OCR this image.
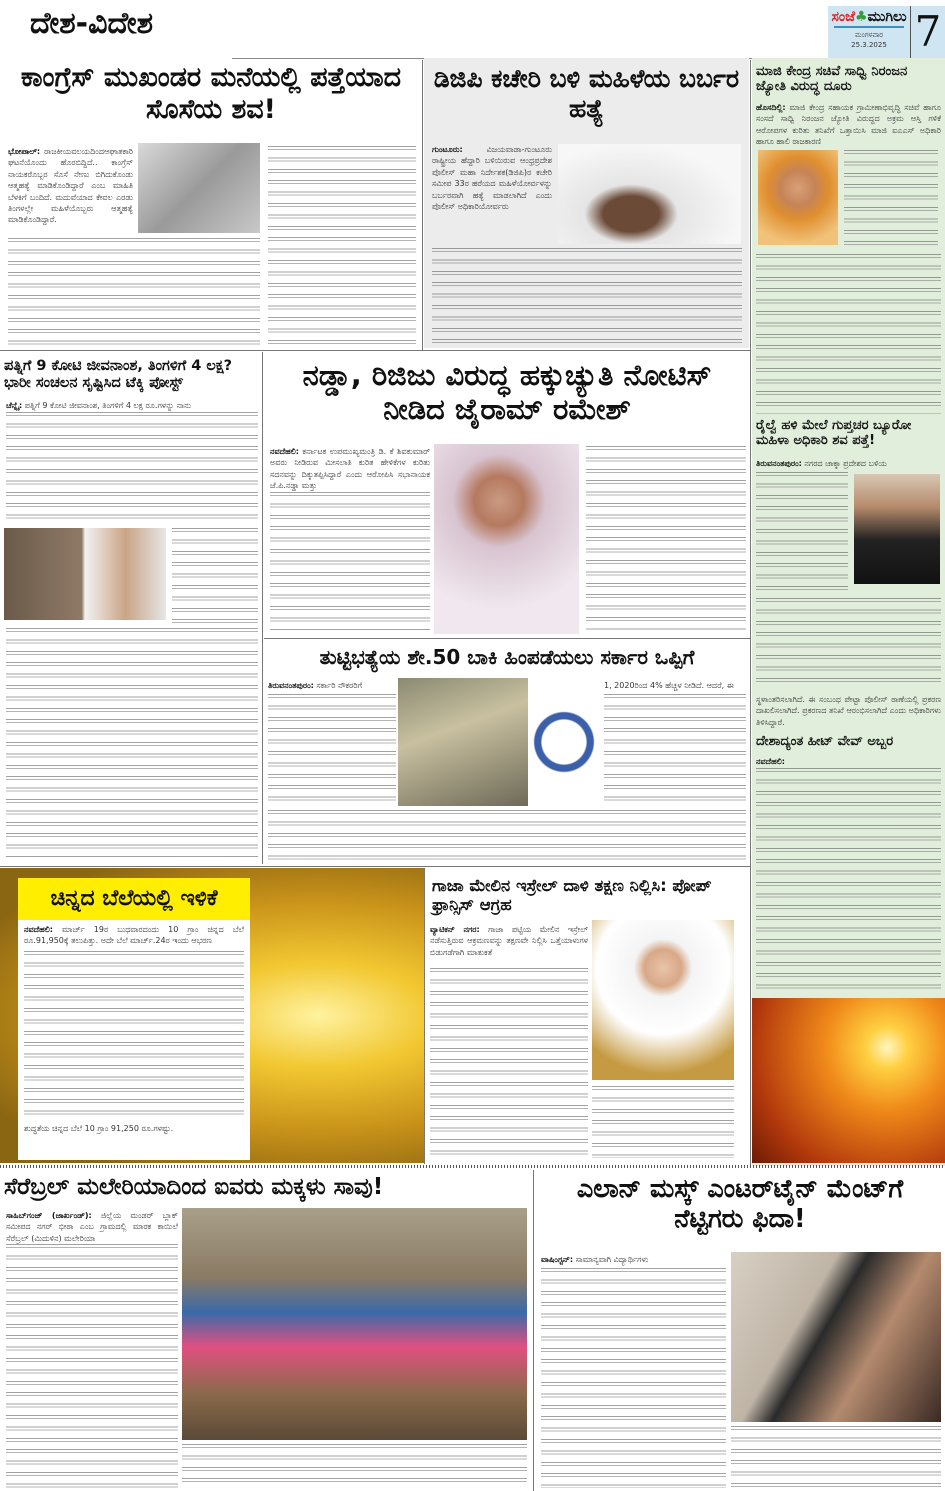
ದೇಶ-ವಿದೇಶ	ಸಂಜೆ♣ಮುಗಿಲು
ಮಂಗಳವಾರ
25.3.2025 7
ಕಾಂಗ್ರೆಸ್ ಮುಖಂಡರ ಮನೆಯಲ್ಲಿ ಪತ್ತೆಯಾದ ಸೊಸೆಯ ಶವ!
ಭೋಪಾಲ್: ರಾಜಕೀಯವಲಯದಿಂದಆಘಾತಕಾರಿ ಘಟನೆಯೊಂದು ಹೊರಬಿದ್ದಿದೆ.. ಕಾಂಗ್ರೆಸ್ ನಾಯಕರೊಬ್ಬರ ಸೊಸೆ ನೇಣು ಬಿಗಿದುಕೊಂಡು ಆತ್ಮಹತ್ಯೆ ಮಾಡಿಕೊಂಡಿದ್ದಾರೆ ಎಂಬ ಮಾಹಿತಿ ಬೆಳಕಿಗೆ ಬಂದಿದೆ. ಮದುವೆಯಾದ ಕೇವಲ ಎರಡು ತಿಂಗಳಲ್ಲೇ ಮಹಿಳೆಯೊಬ್ಬರು ಆತ್ಮಹತ್ಯೆ ಮಾಡಿಕೊಂಡಿದ್ದಾರೆ.
ಡಿಜಿಪಿ ಕಚೇರಿ ಬಳಿ ಮಹಿಳೆಯ ಬರ್ಬರ ಹತ್ಯೆ
ಗುಂಟೂರು:	ವಿಜಯವಾಡಾ-ಗುಂಟೂರು ರಾಷ್ಟ್ರೀಯ ಹೆದ್ದಾರಿ ಬಳಿಯಿರುವ ಆಂಧ್ರಪ್ರದೇಶ ಪೊಲೀಸ್ ಮಹಾ ನಿರ್ದೇಶಕ(ಡಿಜಿಪಿ)ರ ಕಚೇರಿ ಸಮೀಪ 33ರ ಹರೆಯದ ಮಹಿಳೆಯೋರ್ವಳನ್ನು ಬರ್ಬರವಾಗಿ ಹತ್ಯೆ ಮಾಡಲಾಗಿದೆ ಎಂದು ಪೊಲೀಸ್ ಅಧಿಕಾರಿಯೋರ್ವರು
ಮಾಜಿ ಕೇಂದ್ರ ಸಚಿವೆ ಸಾಧ್ವಿ ನಿರಂಜನ ಜ್ಯೋತಿ ವಿರುದ್ಧ ದೂರು
ಹೊಸದಿಲ್ಲಿ: ಮಾಜಿ ಕೇಂದ್ರ ಸಹಾಯಕ ಗ್ರಾಮೀಣಾಭಿವೃದ್ಧಿ ಸಚಿವೆ ಹಾಗೂ ಸಂಸದೆ ಸಾಧ್ವಿ ನಿರಂಜನ ಜ್ಯೋತಿ ವಿರುದ್ಧದ ಅಕ್ರಮ ಆಸ್ತಿ ಗಳಿಕೆ ಆರೋಪಗಳ ಕುರಿತು ತನಿಖೆಗೆ ಒತ್ತಾಯಿಸಿ ಮಾಜಿ ಐಎಎಸ್ ಅಧಿಕಾರಿ ಹಾಗೂ ಹಾಲಿ ರಾಜಕಾರಣಿ
ರೈಲ್ವೆ ಹಳಿ ಮೇಲೆ ಗುಪ್ತಚರ ಬ್ಯೂರೋ ಮಹಿಳಾ ಅಧಿಕಾರಿ ಶವ ಪತ್ತೆ!
ತಿರುವನಂತಪುರಂ: ನಗರದ ಚಾಕ್ಕಾ ಪ್ರದೇಶದ ಬಳಿಯ
ಸ್ಥಳಾಂತರಿಸಲಾಗಿದೆ. ಈ ಸಂಬಂಧ ಪೇಟ್ಟಾ ಪೊಲೀಸ್ ಠಾಣೆಯಲ್ಲಿ ಪ್ರಕರಣ ದಾಖಲಿಸಲಾಗಿದೆ. ಪ್ರಕರಣದ ತನಿಖೆ ಆರಂಭಿಸಲಾಗಿದೆ ಎಂದು ಅಧಿಕಾರಿಗಳು ತಿಳಿಸಿದ್ದಾರೆ.
ದೇಶಾದ್ಯಂತ ಹೀಟ್ ವೇವ್ ಅಬ್ಬರ
ನವದೆಹಲಿ:
ಪತ್ನಿಗೆ 9 ಕೋಟಿ ಜೀವನಾಂಶ, ತಿಂಗಳಿಗೆ 4 ಲಕ್ಷ? ಭಾರೀ ಸಂಚಲನ ಸೃಷ್ಟಿಸಿದ ಟೆಕ್ಕಿ ಪೋಸ್ಟ್
ಚೆನ್ನೈ: ಪತ್ನಿಗೆ 9 ಕೋಟಿ ಜೀವನಾಂಶ, ತಿಂಗಳಿಗೆ 4 ಲಕ್ಷ ರೂ.ಗಳನ್ನು ನಾನು
ನಡ್ಡಾ, ರಿಜಿಜು ವಿರುದ್ಧ ಹಕ್ಕುಚ್ಯುತಿ ನೋಟಿಸ್ ನೀಡಿದ ಜೈರಾಮ್ ರಮೇಶ್
ನವದೆಹಲಿ: ಕರ್ನಾಟಕ ಉಪಮುಖ್ಯಮಂತ್ರಿ ಡಿ. ಕೆ ಶಿವಕುಮಾರ್ ಅವರು ನೀಡಿರುವ ಮೀಸಲಾತಿ ಕುರಿತ ಹೇಳಿಕೆಗಳ ಕುರಿತು ಸದನವನ್ನು ದಿಕ್ಕುತಪ್ಪಿಸಿದ್ದಾರೆ ಎಂದು ಆರೋಪಿಸಿ ಸಭಾನಾಯಕ ಜೆ.ಪಿ.ನಡ್ಡಾ ಮತ್ತು
ತುಟ್ಟಿಭತ್ಯೆಯ ಶೇ.50 ಬಾಕಿ ಹಿಂಪಡೆಯಲು ಸರ್ಕಾರ ಒಪ್ಪಿಗೆ
ತಿರುವನಂತಪುರಂ: ಸರ್ಕಾರಿ ನೌಕರರಿಗೆ	1, 2020ರಿಂದ 4% ಹೆಚ್ಚಳ ನೀಡಿದೆ. ಆದರೆ, ಈ
ಚಿನ್ನದ ಬೆಲೆಯಲ್ಲಿ ಇಳಿಕೆ
ನವದೆಹಲಿ: ಮಾರ್ಚ್ 19ರ ಬುಧವಾರದಂದು 10 ಗ್ರಾಂ ಚಿನ್ನದ ಬೆಲೆ ರೂ.91,950ಕ್ಕೆ ತಲುಪಿತ್ತು. ಅದೇ ಬೆಲೆ ಮಾರ್ಚ್.24ರ ಇಂದು ಆಭರಣ
ಶುದ್ಧತೆಯ ಚಿನ್ನದ ಬೆಲೆ 10 ಗ್ರಾಂ 91,250 ರೂ.ಗಳಷ್ಟು.
ಗಾಜಾ ಮೇಲಿನ ಇಸ್ರೇಲ್ ದಾಳಿ ತಕ್ಷಣ ನಿಲ್ಲಿಸಿ: ಪೋಪ್ ಫ್ರಾನ್ಸಿಸ್ ಆಗ್ರಹ
ವ್ಯಾಟಿಕನ್ ನಗರ: ಗಾಜಾ ಪಟ್ಟಿಯ ಮೇಲಿನ ಇಸ್ರೇಲ್ ನಡೆಸುತ್ತಿರುವ ಆಕ್ರಮಣವನ್ನು ತಕ್ಷಣವೇ ನಿಲ್ಲಿಸಿ ಒತ್ತೆಯಾಳುಗಳ ಬಿಡುಗಡೆಗಾಗಿ ಮಾತುಕತೆ
ಸೆರೆಬ್ರಲ್ ಮಲೇರಿಯಾದಿಂದ ಐವರು ಮಕ್ಕಳು ಸಾವು!
ಸಾಹಿಬ್‌ಗಂಜ್ (ಜಾರ್ಖಂಡ್): ಜಿಲ್ಲೆಯ ಮಂಡರ್ ಬ್ಲಾಕ್ ಸಮೀಪದ ನಗರ್ ಭೀಠಾ ಎಂಬ ಗ್ರಾಮದಲ್ಲಿ ಮಾರಕ ಕಾಯಿಲೆ ಸೆರೆಬ್ರಲ್ (ಮಿದುಳಿನ) ಮಲೇರಿಯಾ
ಎಲಾನ್ ಮಸ್ಕ್ ಎಂಟರ್‌ಟೈನ್ ಮೆಂಟ್‌ಗೆ ನೆಟ್ಟಿಗರು ಫಿದಾ!
ವಾಷಿಂಗ್ಟನ್: ಸಾಮಾನ್ಯವಾಗಿ ವಿದ್ಯಾರ್ಥಿಗಳು
